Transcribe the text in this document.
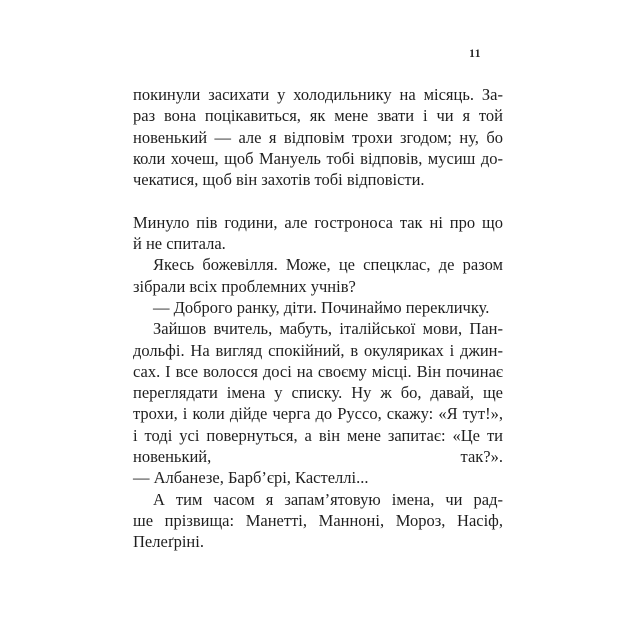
11
покинули засихати у холодильнику на місяць. За-
раз вона поцікавиться, як мене звати і чи я той
новенький — але я відповім трохи згодом; ну, бо
коли хочеш, щоб Мануель тобі відповів, мусиш до-
чекатися, щоб він захотів тобі відповісти.
Минуло пів години, але гостроноса так ні про що
й не спитала.
Якесь божевілля. Може, це спецклас, де разом
зібрали всіх проблемних учнів?
— Доброго ранку, діти. Починаймо перекличку.
Зайшов вчитель, мабуть, італійської мови, Пан-
дольфі. На вигляд спокійний, в окуляриках і джин-
сах. І все волосся досі на своєму місці. Він починає
переглядати імена у списку. Ну ж бо, давай, ще
трохи, і коли дійде черга до Руссо, скажу: «Я тут!»,
і тоді усі повернуться, а він мене запитає: «Це ти
новенький, так?».
— Албанезе, Барб’єрі, Кастеллі...
А тим часом я запам’ятовую імена, чи рад-
ше прізвища: Манетті, Манноні, Мороз, Насіф,
Пелеґріні.
